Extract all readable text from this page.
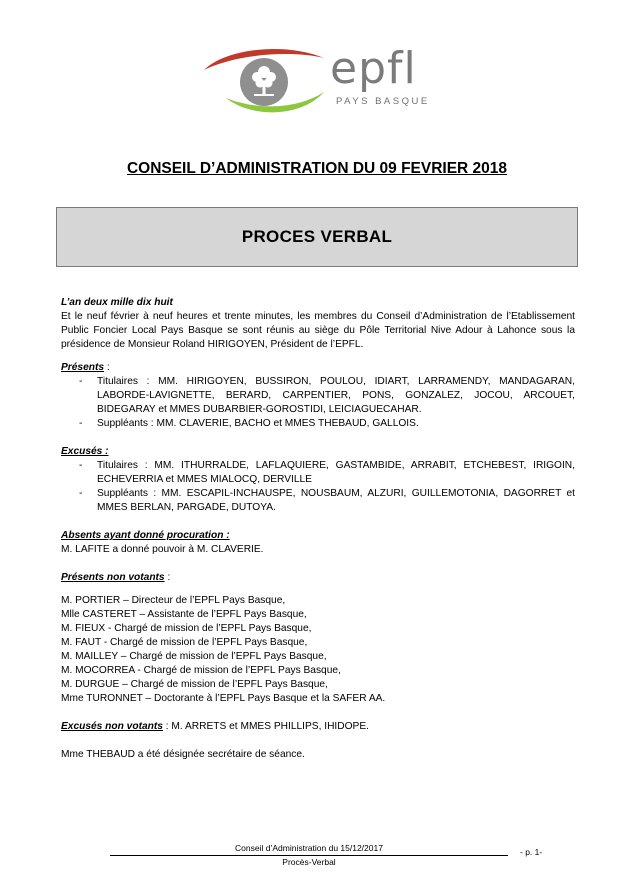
epfl
PAYS BASQUE
CONSEIL D’ADMINISTRATION DU 09 FEVRIER 2018
PROCES VERBAL

L’an deux mille dix huit

Et le neuf février à neuf heures et trente minutes, les membres du Conseil d’Administration de l’Etablissement Public Foncier Local Pays Basque se sont réunis au siège du Pôle Territorial Nive Adour à Lahonce sous la présidence de Monsieur Roland HIRIGOYEN, Président de l’EPFL.

Présents :

- Titulaires : MM. HIRIGOYEN, BUSSIRON, POULOU, IDIART, LARRAMENDY, MANDAGARAN, LABORDE-LAVIGNETTE, BERARD, CARPENTIER, PONS, GONZALEZ, JOCOU, ARCOUET, BIDEGARAY et MMES DUBARBIER-GOROSTIDI, LEICIAGUECAHAR.
- Suppléants : MM. CLAVERIE, BACHO et MMES THEBAUD, GALLOIS.

Excusés :

- Titulaires : MM. ITHURRALDE, LAFLAQUIERE, GASTAMBIDE, ARRABIT, ETCHEBEST, IRIGOIN, ECHEVERRIA et MMES MIALOCQ, DERVILLE
- Suppléants : MM. ESCAPIL-INCHAUSPE, NOUSBAUM, ALZURI, GUILLEMOTONIA, DAGORRET et MMES BERLAN, PARGADE, DUTOYA.

Absents ayant donné procuration :

M. LAFITE a donné pouvoir à M. CLAVERIE.

Présents non votants :

M. PORTIER – Directeur de l’EPFL Pays Basque,

Mlle CASTERET – Assistante de l’EPFL Pays Basque,

M. FIEUX - Chargé de mission de l’EPFL Pays Basque,

M. FAUT - Chargé de mission de l’EPFL Pays Basque,

M. MAILLEY – Chargé de mission de l’EPFL Pays Basque,

M. MOCORREA - Chargé de mission de l’EPFL Pays Basque,

M. DURGUE – Chargé de mission de l’EPFL Pays Basque,

Mme TURONNET – Doctorante à l’EPFL Pays Basque et la SAFER AA.

Excusés non votants : M. ARRETS et MMES PHILLIPS, IHIDOPE.

Mme THEBAUD a été désignée secrétaire de séance.

Conseil d’Administration du 15/12/2017
Procès-Verbal
- p. 1-
